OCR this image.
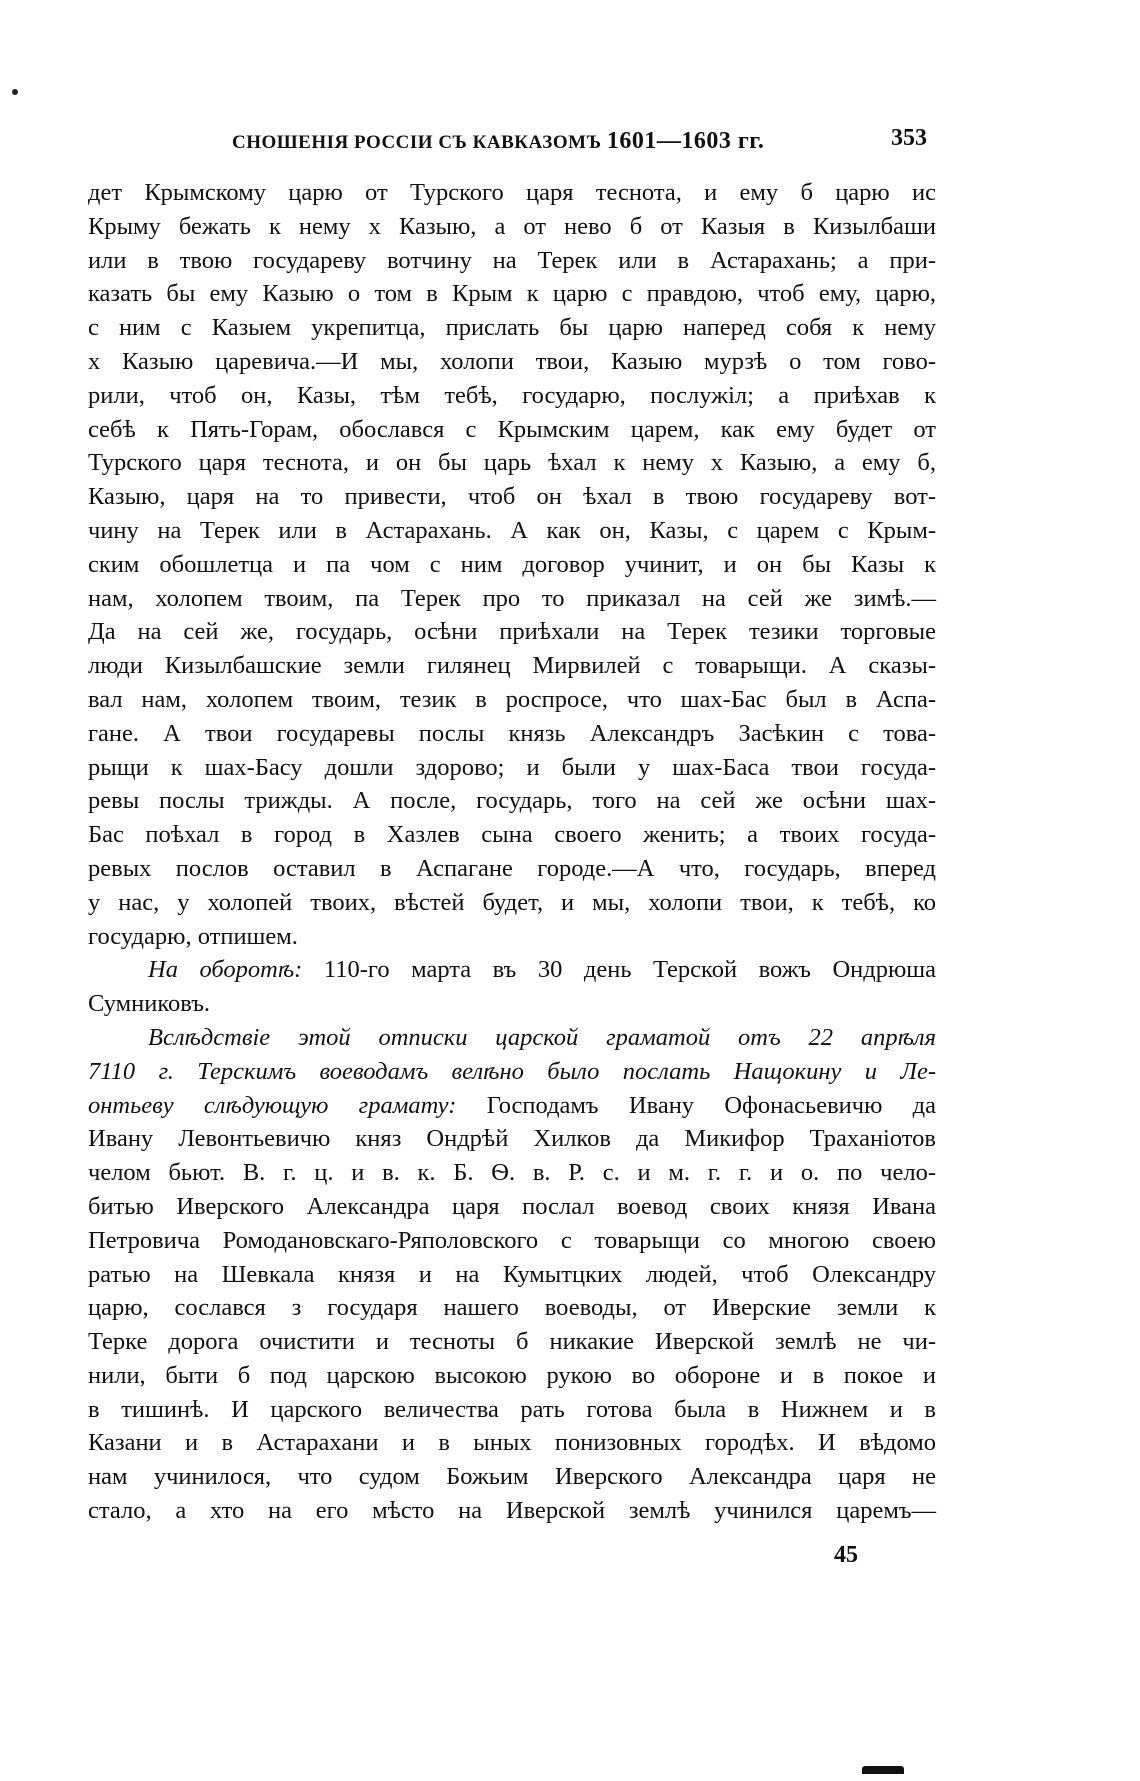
СНОШЕНІЯ РОССІИ СЪ КАВКАЗОМЪ 1601—1603 гг.	353
дет Крымскому царю от Турского царя теснота, и ему б царю ис
Крыму бежать к нему х Казыю, а от нево б от Казыя в Кизылбаши
или в твою государеву вотчину на Терек или в Астарахань; а при-
казать бы ему Казыю о том в Крым к царю с правдою, чтоб ему, царю,
с ним с Казыем укрепитца, прислать бы царю наперед собя к нему
х Казыю царевича.—И мы, холопи твои, Казыю мурзѣ о том гово-
рили, чтоб он, Казы, тѣм тебѣ, государю, послужіл; а приѣхав к
себѣ к Пять-Горам, обослався с Крымским царем, как ему будет от
Турского царя теснота, и он бы царь ѣхал к нему х Казыю, а ему б,
Казыю, царя на то привести, чтоб он ѣхал в твою государеву вот-
чину на Терек или в Астарахань. А как он, Казы, с царем с Крым-
ским обошлетца и па чом с ним договор учинит, и он бы Казы к
нам, холопем твоим, па Терек про то приказал на сей же зимѣ.—
Да на сей же, государь, осѣни приѣхали на Терек тезики торговые
люди Кизылбашские земли гилянец Мирвилей с товарыщи. А сказы-
вал нам, холопем твоим, тезик в роспросе, что шах-Бас был в Аспа-
гане. А твои государевы послы князь Александръ Засѣкин с това-
рыщи к шах-Басу дошли здорово; и были у шах-Баса твои госуда-
ревы послы трижды. А после, государь, того на сей же осѣни шах-
Бас поѣхал в город в Хазлев сына своего женить; а твоих госуда-
ревых послов оставил в Аспагане городе.—А что, государь, вперед
у нас, у холопей твоих, вѣстей будет, и мы, холопи твои, к тебѣ, ко
государю, отпишем.
На оборотѣ: 110-го марта въ 30 день Терской вожъ Ондрюша
Сумниковъ.
Вслѣдствіе этой отписки царской граматой отъ 22 апрѣля
7110 г. Терскимъ воеводамъ велѣно было послать Нащокину и Ле-
онтьеву слѣдующую грамату: Господамъ Ивану Офонасьевичю да
Ивану Левонтьевичю княз Ондрѣй Хилков да Микифор Трахaніотов
челом бьют. В. г. ц. и в. к. Б. Ѳ. в. Р. с. и м. г. г. и о. по чело-
битью Иверского Александра царя послал воевод своих князя Ивана
Петровича Ромодановскаго-Ряполовского с товарыщи со многою своею
ратью на Шевкала князя и на Кумытцких людей, чтоб Олександру
царю, сослався з государя нашего воеводы, от Иверские земли к
Терке дорога очистити и тесноты б никакие Иверской землѣ не чи-
нили, быти б под царскою высокою рукою во обороне и в покое и
в тишинѣ. И царского величества рать готова была в Нижнем и в
Казани и в Астарахани и в ыных понизовных городѣх. И вѣдомо
нам учинилося, что судом Божьим Иверского Александра царя не
стало, а хто на его мѣсто на Иверской землѣ учинился царемъ—
45
